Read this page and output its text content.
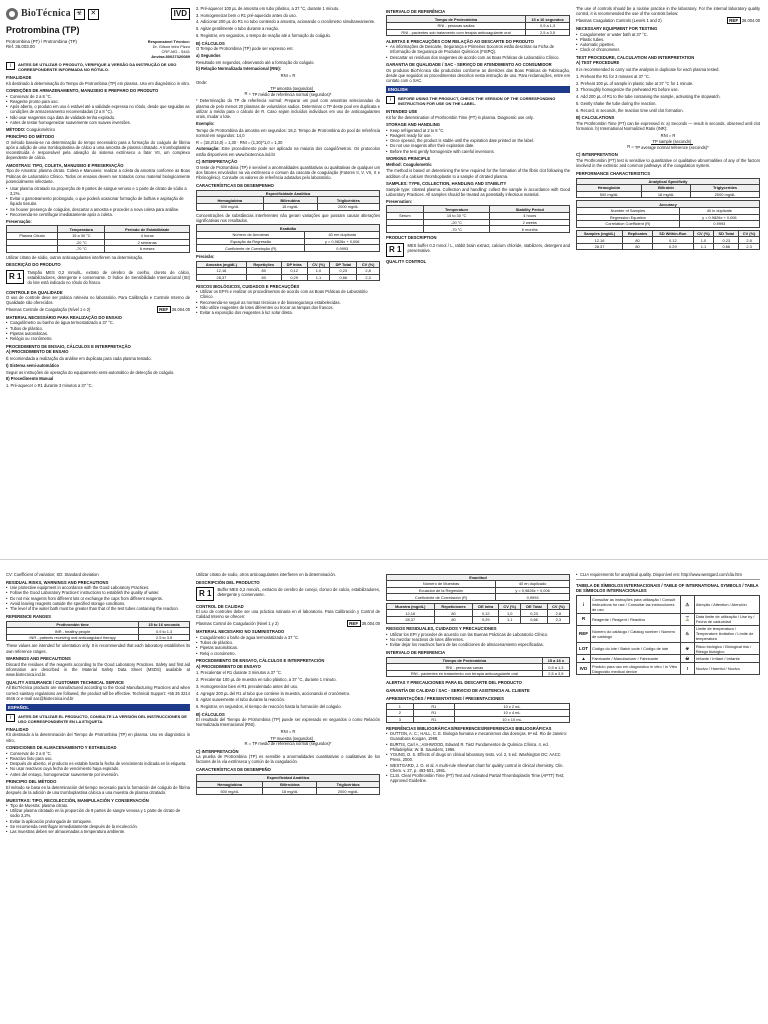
BioTécnica ☣	✕	IVD
Protrombina (TP)
Protrombina (PT) / Protrombina (TP)
Ref. 36.003.00
Responsável Técnico:
Dr. Gilson Ieiro Pizzo
CRF-MG - 5441
Anvisa 80027320089
i	ANTES DE UTILIZAR O PRODUTO, VERIFIQUE A VERSÃO DA INSTRUÇÃO DE USO CORRESPONDENTE INFORMADA NO RÓTULO.
FINALIDADE

Kit destinado à determinação do Tempo de Protrombina (TP) em plasma. Uso em diagnóstico in vitro.

CONDIÇÕES DE ARMAZENAMENTO, MANUSEIO E PREPARO DO PRODUTO
• Conservar de 2 a 8 °C.
• Reagente pronto para uso.
• Após aberto, o produto em uso é estável até a validade expressa no rótulo, desde que seguidas as condições de armazenamento recomendadas (2 a 8 °C).
• Não usar reagentes cuja data de validade tenha expirado.
• Antes de testar homogeneizar suavemente com suaves inversões.

MÉTODO: Coagulométrico

PRINCÍPIO DO MÉTODO

O método baseia-se na determinação do tempo necessário para a formação do coágulo de fibrina após a adição de uma tromboplastina de cálcio a uma amostra de plasma citratado. A tromboplastina reconstituída é responsável pela ativação do sistema extrínseco a fator VII, um complexo dependente de cálcio.

AMOSTRAS: TIPO, COLETA, MANUSEIO E PRESERVAÇÃO

Tipo de Amostra: plasma citrato. Coleta e Manuseio: realizar a coleta da amostra conforme as Boas Práticas de Laboratório Clínico. Todos os ensaios devem ser tratados como material biologicamente potencialmente infectante.

• Usar plasma citratado na proporção de 9 partes de sangue venoso e 1 parte de citrato de sódio a 3,2%.
• Evitar o garroteamento prolongado, o que poderá ocasionar formação de bolhas e aspiração de líquido tissular.
• Se houver presença de coágulos, descartar a amostra e proceder a nova coleta para análise.
• Recomenda-se centrifugar imediatamente após a coleta.

Preservação:

	Temperatura	Período de Estabilidade
Plasma Citrato	15 a 30 °C	4 horas
	-20 °C	2 semanas
	-70 °C	6 meses

Utilizar citrato de sódio, outros anticoagulantes interferem na determinação.

DESCRIÇÃO DO PRODUTO
R 1	Tampão MES 0,2 mmol/L, extrato de cérebro de coelho, cloreto de cálcio, estabilizadores, detergente e conservante. O Índice de Sensibilidade Internacional (ISI) do lote está indicado no rótulo do frasco.

CONTROLE DA QUALIDADE

O uso de controle deve ser prática rotineira no laboratório. Para Calibração e Controle Interno de Qualidade são oferecidos.

Plasmas Controle de Coagulação (Nível 1 e 2)	REF 36.004.00
MATERIAL NECESSÁRIO PARA REALIZAÇÃO DO ENSAIO
• Coagulômetro ou banho de água termostatizado a 37 °C.
• Tubos de plástico.
• Pipetas automáticas.
• Relógio ou cronômetro.
PROCEDIMENTO DE ENSAIO, CÁLCULOS E INTERPRETAÇÃO

A) PROCEDIMENTO DE ENSAIO

É recomendada a realização da análise em duplicata para cada plasma testado.

I) Sistema semi-automático

Seguir as instruções de operação do equipamento semi-automático de detecção de coágulo.

II) Procedimento Manual

1. Pré-aquecer o R1 durante 3 minutos a 37 °C.

2. Pré-aquecer 100 μL de amostra em tubo plástico, a 37 °C, durante 1 minuto.

3. Homogeneizar bem o R1 pré-aquecido antes do uso.

4. Adicionar 200 μL do R1 no tubo contendo a amostra, acionando o cronômetro simultaneamente.

5. Agitar gentilmente o tubo durante a reação.

6. Registrar, em segundos, o tempo de reação até a formação do coágulo.

B) CÁLCULOS

O Tempo de Protrombina (TP) pode ser expresso em:

a) Segundos

Resultado em segundos, observando até a formação do coágulo.

b) Relação Normalizada Internacional (RNI):

RNI = R

Onde:

$R = \frac{\text{TP amostra (segundos)}}{\text{TP médio de referência normal (segundos)*}}$

* Determinação do TP de referência normal: Preparar um pool com amostras selecionadas do plasma de pelo menos 20 plasmas de voluntários sadios. Determinar o TP deste pool em duplicata e utilizar a média para o cálculo de R. Caso sejam incluídos indivíduos em uso de anticoagulantes orais, mudar o lote.

Exemplo:

Tempo de Protrombina da amostra em segundos: 18,2. Tempo de Protrombina do pool de referência normal em segundos: 14,0

R = (18,2/14,0) = 1,30 · RNI = (1,30)^1,0 = 1,30

Automação: Este procedimento pode ser aplicado na maioria dos coagulômetros. Os protocolos estão disponíveis em www.biotecnica.ind.br

C) INTERPRETAÇÃO

O teste de Protrombina (TP) é sensível a anormalidades quantitativas ou qualitativas de qualquer um dos fatores envolvidos na via extrínseca e comum da cascata de coagulação (Fatores II, V, VII, X e Fibrinogênio). Consulte os valores de referência adotados pelo laboratório.

CARACTERÍSTICAS DE DESEMPENHO
Especificidade Analítica		
Hemoglobina	Bilirrubina	Triglicérides
500 mg/dL	18 mg/dL	2000 mg/dL

Concentrações de substâncias interferentes não geram variações que possam causar alterações significativas nos resultados.

Exatidão	
Número de Amostras	40 em duplicata
Equação da Regressão	y = 0,9826x + 0,006
Coeficiente de Correlação (R)	0,9993

Precisão:

Amostra (mg/dL)	Repetições	DP Intra	CV (%)	DP Total	CV (%)
12,16	80	0,12	1,0	0,23	2,8
28,37	80	0,29	1,1	0,66	2,3
RISCOS BIOLÓGICOS, CUIDADOS E PRECAUÇÕES
• Utilizar os EPI's e realizar os procedimentos de acordo com as Boas Práticas de Laboratório Clínico.
• Recomenda-se seguir as normas técnicas e de biossegurança estabelecidas.
• Não utilize reagentes de lotes diferentes ou trocar as tampas dos frascos.
• Evitar a exposição dos reagentes à luz solar direta.
INTERVALO DE REFERÊNCIA
Tempo de Protrombina	15 a 16 segundos
RNI - pessoas sadias	0,9 a 1,3
RNI - pacientes sob tratamento com terapia anticoagulante oral	2,5 a 3,5
ALERTAS E PRECAUÇÕES COM RELAÇÃO AO DESCARTE DO PRODUTO
• As informações de Descarte, Segurança e Primeiros Socorros estão descritas na Ficha de Informação de Segurança de Produtos Químicos (FISPQ).
• Descartar os resíduos dos reagentes de acordo com as Boas Práticas de Laboratório Clínico.
GARANTIA DE QUALIDADE / SAC - SERVIÇO DE ATENDIMENTO AO CONSUMIDOR

Os produtos BioTécnica são produzidos conforme as diretrizes das Boas Práticas de Fabricação, desde que seguidos os procedimentos descritos nesta instrução de uso. Para reclamações, entre em contato com o SAC.

ENGLISH
i	BEFORE USING THE PRODUCT, CHECK THE VERSION OF THE CORRESPONDING INSTRUCTION FOR USE ON THE LABEL.
INTENDED USE

Kit for the determination of Prothrombin Time (PT) in plasma. Diagnostic use only.

STORAGE AND HANDLING
• Keep refrigerated at 2 to 8 °C.
• Reagent ready for use.
• Once opened, the product is stable until the expiration date printed on the label.
• Do not use reagents after their expiration date.
• Before the test gently homogenize with careful inversions.
WORKING PRINCIPLE

Method: Coagulometric

The method is based on determining the time required for the formation of the fibrin clot following the addition of a calcium thromboplastin to a sample of citrated plasma.

SAMPLES: TYPE, COLLECTION, HANDLING AND STABILITY

Sample type: citrated plasma. Collection and handling: collect the sample in accordance with Good Laboratory Practices. All samples should be treated as potentially infectious material.

Preservation:

	Temperature	Stability Period
Serum	15 to 30 °C	4 hours
	-20 °C	2 weeks
	-70 °C	6 months
PRODUCT DESCRIPTION
R 1	MES buffer 0.2 mmol / L, rabbit brain extract, calcium chloride, stabilizers, detergent and preservative.

QUALITY CONTROL

The use of controls should be a routine practice in the laboratory. For the internal laboratory quality control, it is recommended the use of the controls below:

Plasmas Coagulation Controls (Levels 1 and 2)	REF 36.004.00
NECESSARY EQUIPMENT FOR TESTING
• Coagulometer or water bath at 37 °C.
• Plastic tubes.
• Automatic pipettes.
• Clock or chronometer.
TEST PROCEDURE, CALCULATION AND INTERPRETATION

A) TEST PROCEDURE

It is recommended to carry out the analysis in duplicate for each plasma tested.

1. Preheat the R1 for 3 minutes at 37 °C.

2. Preheat 100 μL of sample in plastic tube at 37 °C for 1 minute.

3. Thoroughly homogenize the preheated R1 before use.

4. Add 200 μL of R1 to the tube containing the sample, activating the stopwatch.

5. Gently shake the tube during the reaction.

6. Record, in seconds, the reaction time until clot formation.

B) CALCULATIONS

The Prothrombin Time (PT) can be expressed in: a) Seconds — result in seconds, observed until clot formation. b) International Normalized Ratio (INR):

RNI = R
$R = \frac{\text{TP sample (seconds)}}{\text{TP average normal reference (seconds)*}}$
C) INTERPRETATION

The Prothrombin (PT) test is sensitive to quantitative or qualitative abnormalities of any of the factors involved in the extrinsic and common pathways of the coagulation system.

PERFORMANCE CHARACTERISTICS
Analytical Specificity		
Hemoglobin	Bilirubin	Triglycerides
500 mg/dL	18 mg/dL	2000 mg/dL
Accuracy	
Number of Samples	40 in duplicate
Regression Equation	y = 0.9826x + 0.006
Correlation Coefficient (R)	0.9993
Samples (mg/dL)	Replicates	SD Within-Run	CV (%)	SD Total	CV (%)
12.16	80	0.12	1.0	0.23	2.8
28.37	80	0.29	1.1	0.66	2.3

CV: Coefficient of variation; SD: Standard deviation

RESIDUAL RISKS, WARNINGS AND PRECAUTIONS
• Use protective equipment in accordance with the Good Laboratory Practices.
• Follow the Good Laboratory Practices' instructions to establish the quality of water.
• Do not mix reagents from different lots or exchange the caps from different reagents.
• Avoid leaving reagents outside the specified storage conditions.
• The level of the water bath must be greater than that of the test tubes containing the reaction.
REFERENCE RANGES
Prothrombin time	15 to 16 seconds
INR - healthy people	0.9 to 1.3
INR - patients receiving oral anticoagulant therapy	2.5 to 3.5

These values are intended for orientation only. It is recommended that each laboratory establishes its own reference ranges.

WARNINGS AND PRECAUTIONS

Discard the residues of the reagents according to the Good Laboratory Practices. Safety and first aid information are described in the Material Safety Data Sheet (MSDS) available at www.biotecnica.ind.br.

QUALITY ASSURANCE / CUSTOMER TECHNICAL SERVICE

All BioTécnica products are manufactured according to the Good Manufacturing Practices and when correct sanitary regulations are followed, the product will be effective. Technical Support: +55 35 3214 4646 or e-mail sac@biotecnica.ind.br

ESPAÑOL
i	ANTES DE UTILIZAR EL PRODUCTO, CONSULTE LA VERSIÓN DEL INSTRUCCIONES DE USO CORRESPONDIENTE EN LA ETIQUETA.
FINALIDAD

Kit destinado a la determinación del Tiempo de Protrombina (TP) en plasma. Uso en diagnóstico in vitro.

CONDICIONES DE ALMACENAMIENTO Y ESTABILIDAD
• Conservar de 2 a 8 °C.
• Reactivo listo para uso.
• Después de abierto, el producto es estable hasta la fecha de vencimiento indicada en la etiqueta.
• No usar reactivos cuya fecha de vencimiento haya expirado.
• Antes del ensayo, homogeneizar suavemente por inversión.
PRINCIPIO DEL MÉTODO

El método se basa en la determinación del tiempo necesario para la formación del coágulo de fibrina después de la adición de una tromboplastina cálcica a una muestra de plasma citratado.

MUESTRAS: TIPO, RECOLECCIÓN, MANIPULACIÓN Y CONSERVACIÓN
• Tipo de Muestra: plasma citrato.
• Utilizar plasma citratado en la proporción de 9 partes de sangre venosa y 1 parte de citrato de sodio 3,2%.
• Evitar la aplicación prolongada de torniquete.
• Se recomienda centrifugar inmediatamente después de la recolección.
• Las muestras deben ser almacenadas a temperatura ambiente.

Utilizar citrato de sodio, otros anticoagulantes interfieren en la determinación.

DESCRIPCIÓN DEL PRODUCTO
R 1	Buffer MES 0,2 mmol/L, extracto de cerebro de conejo, cloruro de calcio, estabilizadores, detergente y conservante.

CONTROL DE CALIDAD

El uso de controles debe ser una práctica rutinaria en el laboratorio. Para Calibración y Control de Calidad Interno se ofrecen:

Plasmas Control de Coagulación (Nivel 1 y 2)	REF 36.004.00
MATERIAL NECESARIO NO SUMINISTRADO
• Coagulómetro o baño de agua termostatizado a 37 °C.
• Tubos de plástico.
• Pipetas automáticas.
• Reloj o cronómetro.
PROCEDIMIENTO DE ENSAYO, CÁLCULOS E INTERPRETACIÓN

A) PROCEDIMIENTO DE ENSAYO

1. Precalentar el R1 durante 3 minutos a 37 °C.

2. Precalentar 100 μL de muestra en tubo plástico, a 37 °C, durante 1 minuto.

3. Homogeneizar bien el R1 precalentado antes del uso.

4. Agregar 200 μL del R1 al tubo que contiene la muestra, accionando el cronómetro.

5. Agitar suavemente el tubo durante la reacción.

6. Registrar, en segundos, el tiempo de reacción hasta la formación del coágulo.

B) CÁLCULOS

El resultado del Tiempo de Protrombina (TP) puede ser expresado en segundos o como Relación Normalizada Internacional (RNI).

RNI = R
$R = \frac{\text{TP muestra (segundos)}}{\text{TP medio de referencia normal (segundos)*}}$
C) INTERPRETACIÓN

La prueba de Protrombina (TP) es sensible a anormalidades cuantitativas o cualitativas de los factores de la vía extrínseca y común de la coagulación.

CARACTERÍSTICAS DE DESEMPEÑO
Especificidad Analítica		
Hemoglobina	Bilirrubina	Triglicéridos
500 mg/dL	18 mg/dL	2000 mg/dL
Exactitud	
Número de Muestras	40 en duplicado
Ecuación de la Regresión	y = 0,9826x + 0,006
Coeficiente de Correlación (R)	0,9993
Muestra (mg/dL)	Repeticiones	DE Intra	CV (%)	DE Total	CV (%)
12,16	80	0,12	1,0	0,23	2,8
28,37	80	0,29	1,1	0,66	2,3
RIESGOS RESIDUALES, CUIDADOS Y PRECAUCIONES
• Utilizar los EPI y proceder de acuerdo con las Buenas Prácticas de Laboratorio Clínico.
• No mezclar reactivos de lotes diferentes.
• Evitar dejar los reactivos fuera de las condiciones de almacenamiento especificadas.
INTERVALO DE REFERENCIA
Tiempo de Protrombina	15 a 16 s
RNI - personas sanas	0,9 a 1,3
RNI - pacientes en tratamiento con terapia anticoagulante oral	2,5 a 3,5
ALERTAS Y PRECAUCIONES PARA EL DESCARTE DEL PRODUCTO
GARANTÍA DE CALIDAD / SAC - SERVICIO DE ASISTENCIA AL CLIENTE
APRESENTAÇÕES / PRESENTATIONS / PRESENTACIONES
1	R1	10 x 2 mL
2	R1	10 x 4 mL
3	R1	10 x 10 mL
REFERÊNCIAS BIBLIOGRÁFICAS/REFERENCES/REFERENCIAS BIBLIOGRÁFICAS
• DUTTON, A. C.; HALL, C. E. Biologia humana e mecanismos das doenças. 6ª ed. Rio de Janeiro: Guanabara Koogan, 1998.
• BURTIS, Carl A.; ASHWOOD, Edward R. Tietz Fundamentos de Química Clínica. 4. ed. Philadelphia: W. B. Saunders, 1996.
• YOUNG, D. S. Effects of drugs on clinical laboratory tests. vol. 2, 5 ed. Washington DC: AACC Press, 2000.
• WESTGARD, J. O. et al. A multi-rule Shewhart chart for quality control in clinical chemistry. Clin. Chem. v. 27, p. 493-501, 1981.
• CLSI. Clear Prothrombin Time (PT) Test and Activated Partial Thromboplastin Time (APTT) Test; Approved Guideline.
• CLIA requirements for analytical quality. Disponível em: http://www.westgard.com/clia.htm
TABELA DE SÍMBOLOS INTERNACIONAIS / TABLE OF INTERNATIONAL SYMBOLS / TABLA DE SÍMBOLOS INTERNACIONALES
i	Consultar as instruções para utilização / Consult instructions for use / Consultar las instrucciones de uso	⚠	Atenção / Attention / Atención
R	Reagente / Reagent / Reactivo	⌛	Data limite de utilização / Use by / Fecha de caducidad
REF	Número do catálogo / Catalog number / Número de catálogo	♨	Limite de temperatura / Temperature limitation / Límite de temperatura
LOT	Código do lote / Batch code / Código de lote	☣	Risco biológico / Biological risk / Riesgo biológico
▲	Fabricante / Manufacturer / Fabricante	☠	Irritante / Irritant / Irritante
IVD	Produto para uso em diagnóstico in vitro / In Vitro Diagnostic medical device	!	Nocivo / Harmful / Nocivo
